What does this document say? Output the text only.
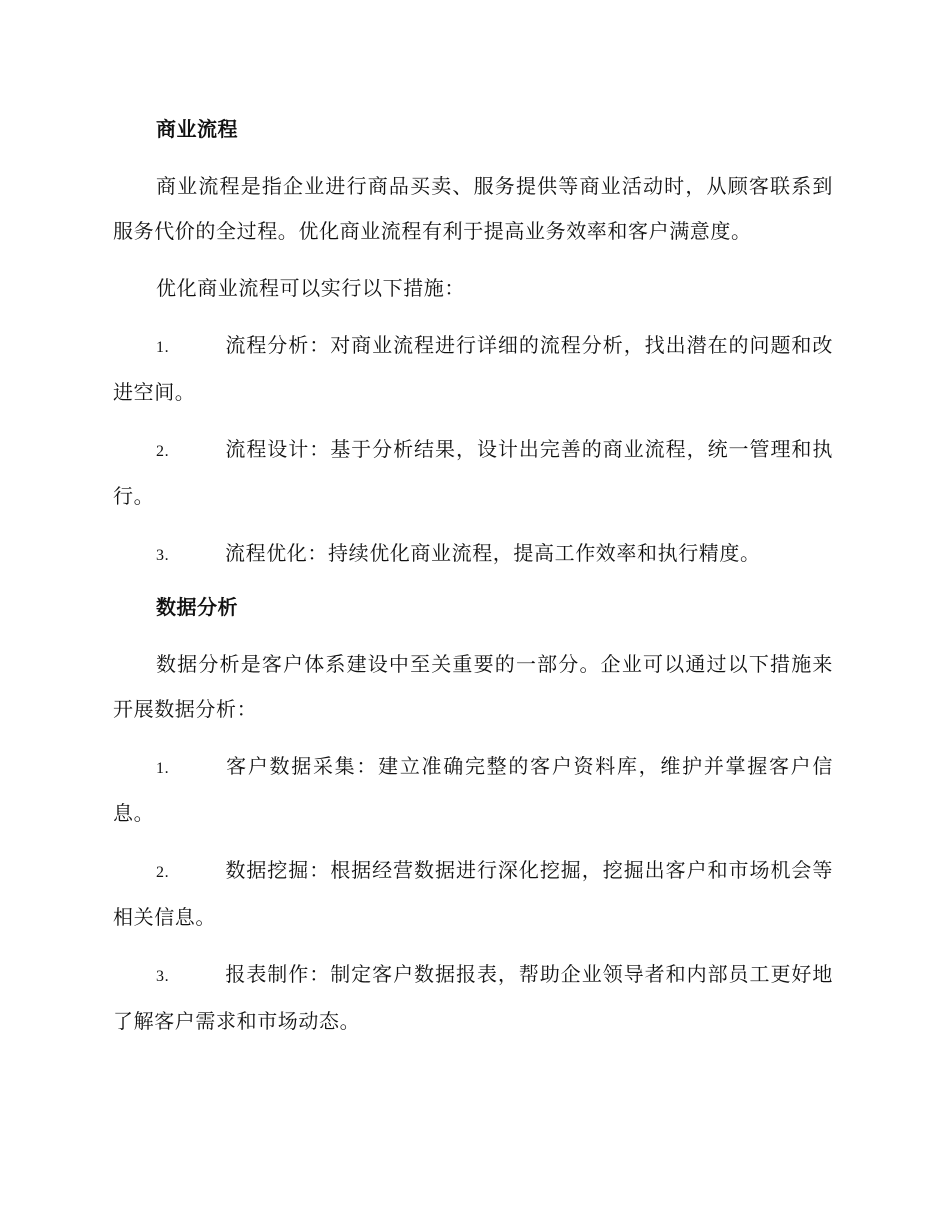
商业流程

商业流程是指企业进行商品买卖、服务提供等商业活动时，从顾客联系到服务代价的全过程。优化商业流程有利于提高业务效率和客户满意度。

优化商业流程可以实行以下措施：

1.	流程分析：对商业流程进行详细的流程分析，找出潜在的问题和改进空间。

2.	流程设计：基于分析结果，设计出完善的商业流程，统一管理和执行。

3.	流程优化：持续优化商业流程，提高工作效率和执行精度。

数据分析

数据分析是客户体系建设中至关重要的一部分。企业可以通过以下措施来开展数据分析：

1.	客户数据采集：建立准确完整的客户资料库，维护并掌握客户信息。

2.	数据挖掘：根据经营数据进行深化挖掘，挖掘出客户和市场机会等相关信息。

3.	报表制作：制定客户数据报表，帮助企业领导者和内部员工更好地了解客户需求和市场动态。
